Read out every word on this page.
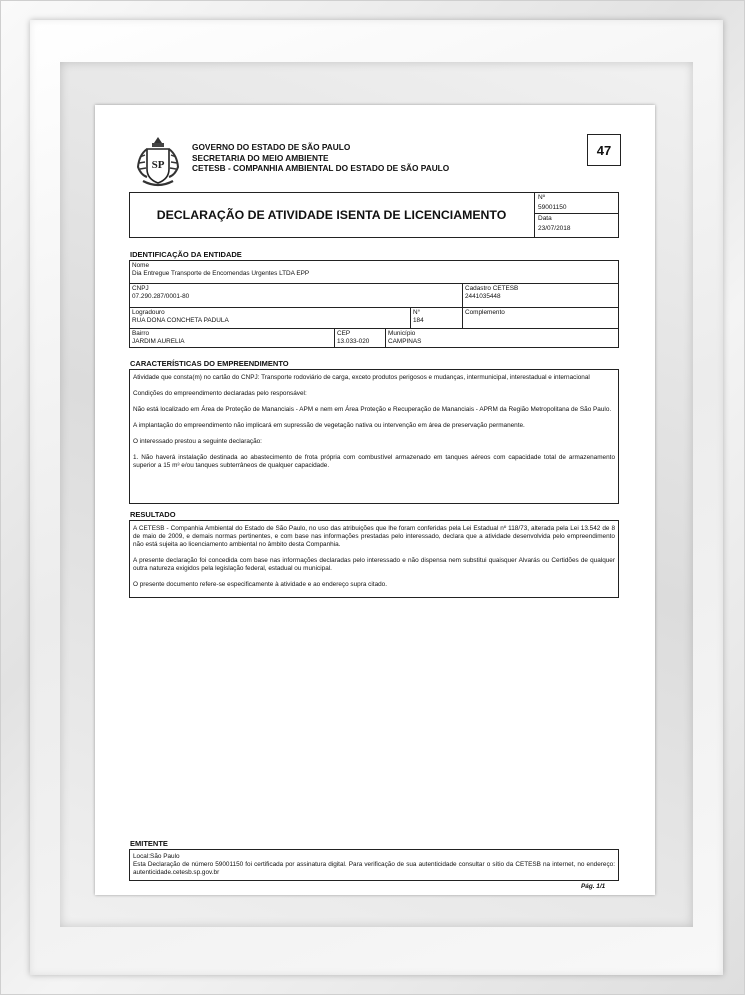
SP
GOVERNO DO ESTADO DE SÃO PAULO
SECRETARIA DO MEIO AMBIENTE
CETESB - COMPANHIA AMBIENTAL DO ESTADO DE SÃO PAULO
47
DECLARAÇÃO DE ATIVIDADE ISENTA DE LICENCIAMENTO
Nº
59001150
Data
23/07/2018
IDENTIFICAÇÃO DA ENTIDADE
Nome
Dia Entregue Transporte de Encomendas Urgentes LTDA EPP
CNPJ
07.290.287/0001-80
Cadastro CETESB
2441035448
Logradouro
RUA DONA CONCHETA PADULA
N°
184
Complemento
Bairro
JARDIM AURELIA
CEP
13.033-020
Município
CAMPINAS
CARACTERÍSTICAS DO EMPREENDIMENTO

Atividade que consta(m) no cartão do CNPJ: Transporte rodoviário de carga, exceto produtos perigosos e mudanças, intermunicipal, interestadual e internacional

Condições do empreendimento declaradas pelo responsável:

Não está localizado em Área de Proteção de Mananciais - APM e nem em Área Proteção e Recuperação de Mananciais - APRM da Região Metropolitana de São Paulo.

A implantação do empreendimento não implicará em supressão de vegetação nativa ou intervenção em área de preservação permanente.

O interessado prestou a seguinte declaração:

1. Não haverá instalação destinada ao abastecimento de frota própria com combustível armazenado em tanques aéreos com capacidade total de armazenamento superior a 15 m³ e/ou tanques subterrâneos de qualquer capacidade.

RESULTADO

A CETESB - Companhia Ambiental do Estado de São Paulo, no uso das atribuições que lhe foram conferidas pela Lei Estadual nº 118/73, alterada pela Lei 13.542 de 8 de maio de 2009, e demais normas pertinentes, e com base nas informações prestadas pelo interessado, declara que a atividade desenvolvida pelo empreendimento não está sujeita ao licenciamento ambiental no âmbito desta Companhia.

A presente declaração foi concedida com base nas informações declaradas pelo interessado e não dispensa nem substitui quaisquer Alvarás ou Certidões de qualquer outra natureza exigidos pela legislação federal, estadual ou municipal.

O presente documento refere-se especificamente à atividade e ao endereço supra citado.

EMITENTE
Local:São Paulo
Esta Declaração de número 59001150 foi certificada por assinatura digital. Para verificação de sua autenticidade consultar o sítio da CETESB na internet, no endereço: autenticidade.cetesb.sp.gov.br
Pág. 1/1
